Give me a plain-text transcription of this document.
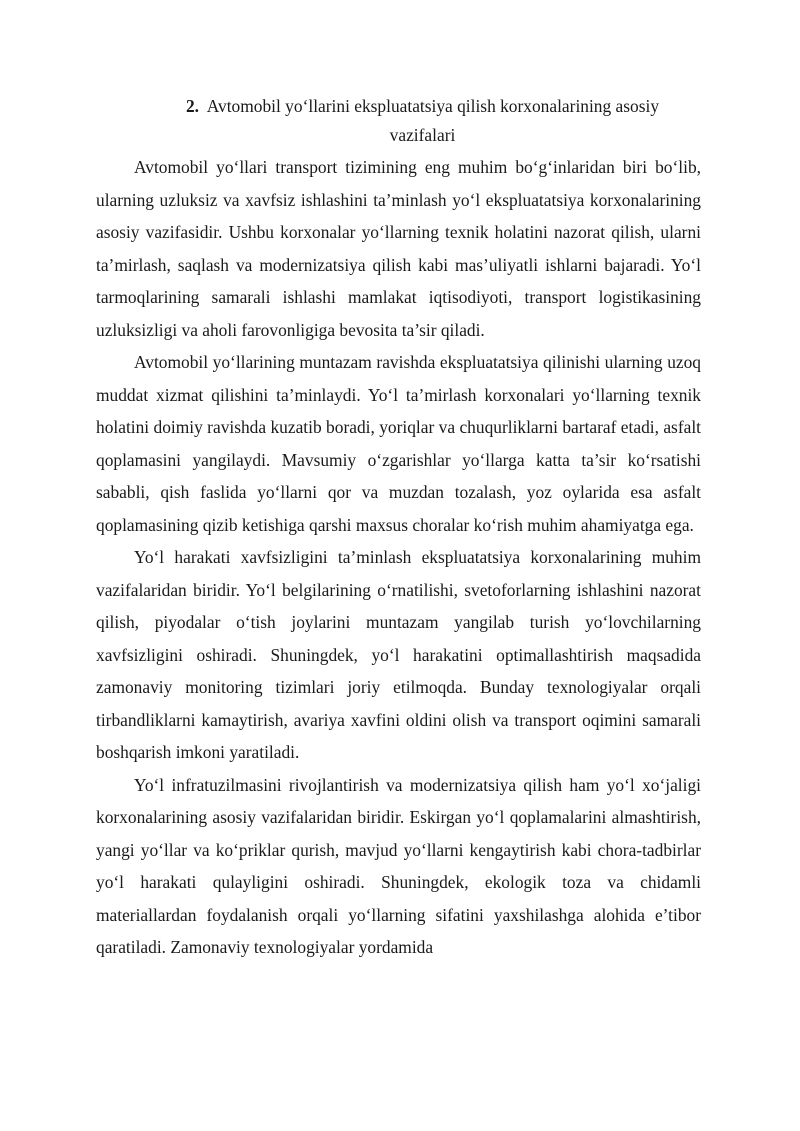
2. Avtomobil yo‘llarini ekspluatatsiya qilish korxonalarining asosiy vazifalari

Avtomobil yo‘llari transport tizimining eng muhim bo‘g‘inlaridan biri bo‘lib, ularning uzluksiz va xavfsiz ishlashini ta’minlash yo‘l ekspluatatsiya korxonalarining asosiy vazifasidir. Ushbu korxonalar yo‘llarning texnik holatini nazorat qilish, ularni ta’mirlash, saqlash va modernizatsiya qilish kabi mas’uliyatli ishlarni bajaradi. Yo‘l tarmoqlarining samarali ishlashi mamlakat iqtisodiyoti, transport logistikasining uzluksizligi va aholi farovonligiga bevosita ta’sir qiladi.

Avtomobil yo‘llarining muntazam ravishda ekspluatatsiya qilinishi ularning uzoq muddat xizmat qilishini ta’minlaydi. Yo‘l ta’mirlash korxonalari yo‘llarning texnik holatini doimiy ravishda kuzatib boradi, yoriqlar va chuqurliklarni bartaraf etadi, asfalt qoplamasini yangilaydi. Mavsumiy o‘zgarishlar yo‘llarga katta ta’sir ko‘rsatishi sababli, qish faslida yo‘llarni qor va muzdan tozalash, yoz oylarida esa asfalt qoplamasining qizib ketishiga qarshi maxsus choralar ko‘rish muhim ahamiyatga ega.

Yo‘l harakati xavfsizligini ta’minlash ekspluatatsiya korxonalarining muhim vazifalaridan biridir. Yo‘l belgilarining o‘rnatilishi, svetoforlarning ishlashini nazorat qilish, piyodalar o‘tish joylarini muntazam yangilab turish yo‘lovchilarning xavfsizligini oshiradi. Shuningdek, yo‘l harakatini optimallashtirish maqsadida zamonaviy monitoring tizimlari joriy etilmoqda. Bunday texnologiyalar orqali tirbandliklarni kamaytirish, avariya xavfini oldini olish va transport oqimini samarali boshqarish imkoni yaratiladi.

Yo‘l infratuzilmasini rivojlantirish va modernizatsiya qilish ham yo‘l xo‘jaligi korxonalarining asosiy vazifalaridan biridir. Eskirgan yo‘l qoplamalarini almashtirish, yangi yo‘llar va ko‘priklar qurish, mavjud yo‘llarni kengaytirish kabi chora-tadbirlar yo‘l harakati qulayligini oshiradi. Shuningdek, ekologik toza va chidamli materiallardan foydalanish orqali yo‘llarning sifatini yaxshilashga alohida e’tibor qaratiladi. Zamonaviy texnologiyalar yordamida
